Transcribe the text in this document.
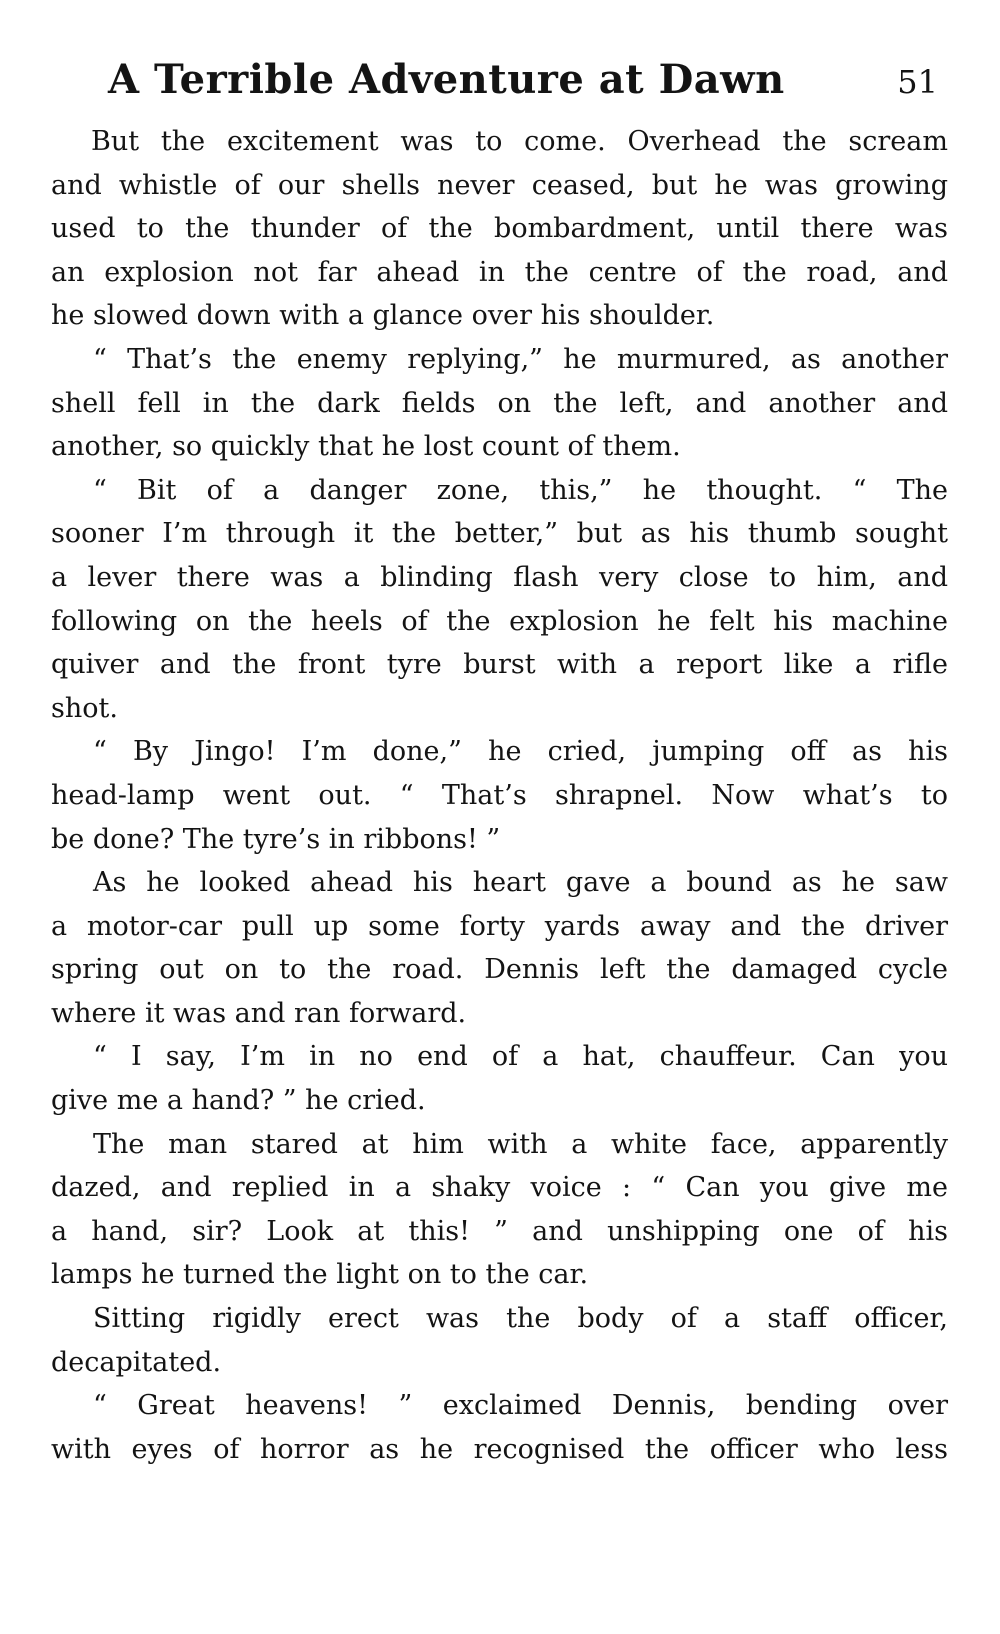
A Terrible Adventure at Dawn	51
But the excitement was to come. Overhead the scream
and whistle of our shells never ceased, but he was growing
used to the thunder of the bombardment, until there was
an explosion not far ahead in the centre of the road, and
he slowed down with a glance over his shoulder.
“ That’s the enemy replying,” he murmured, as another
shell fell in the dark fields on the left, and another and
another, so quickly that he lost count of them.
“ Bit of a danger zone, this,” he thought. “ The
sooner I’m through it the better,” but as his thumb sought
a lever there was a blinding flash very close to him, and
following on the heels of the explosion he felt his machine
quiver and the front tyre burst with a report like a rifle
shot.
“ By Jingo! I’m done,” he cried, jumping off as his
head-lamp went out. “ That’s shrapnel. Now what’s to
be done? The tyre’s in ribbons! ”
As he looked ahead his heart gave a bound as he saw
a motor-car pull up some forty yards away and the driver
spring out on to the road. Dennis left the damaged cycle
where it was and ran forward.
“ I say, I’m in no end of a hat, chauffeur. Can you
give me a hand? ” he cried.
The man stared at him with a white face, apparently
dazed, and replied in a shaky voice : “ Can you give me
a hand, sir? Look at this! ” and unshipping one of his
lamps he turned the light on to the car.
Sitting rigidly erect was the body of a staff officer,
decapitated.
“ Great heavens! ” exclaimed Dennis, bending over
with eyes of horror as he recognised the officer who less
